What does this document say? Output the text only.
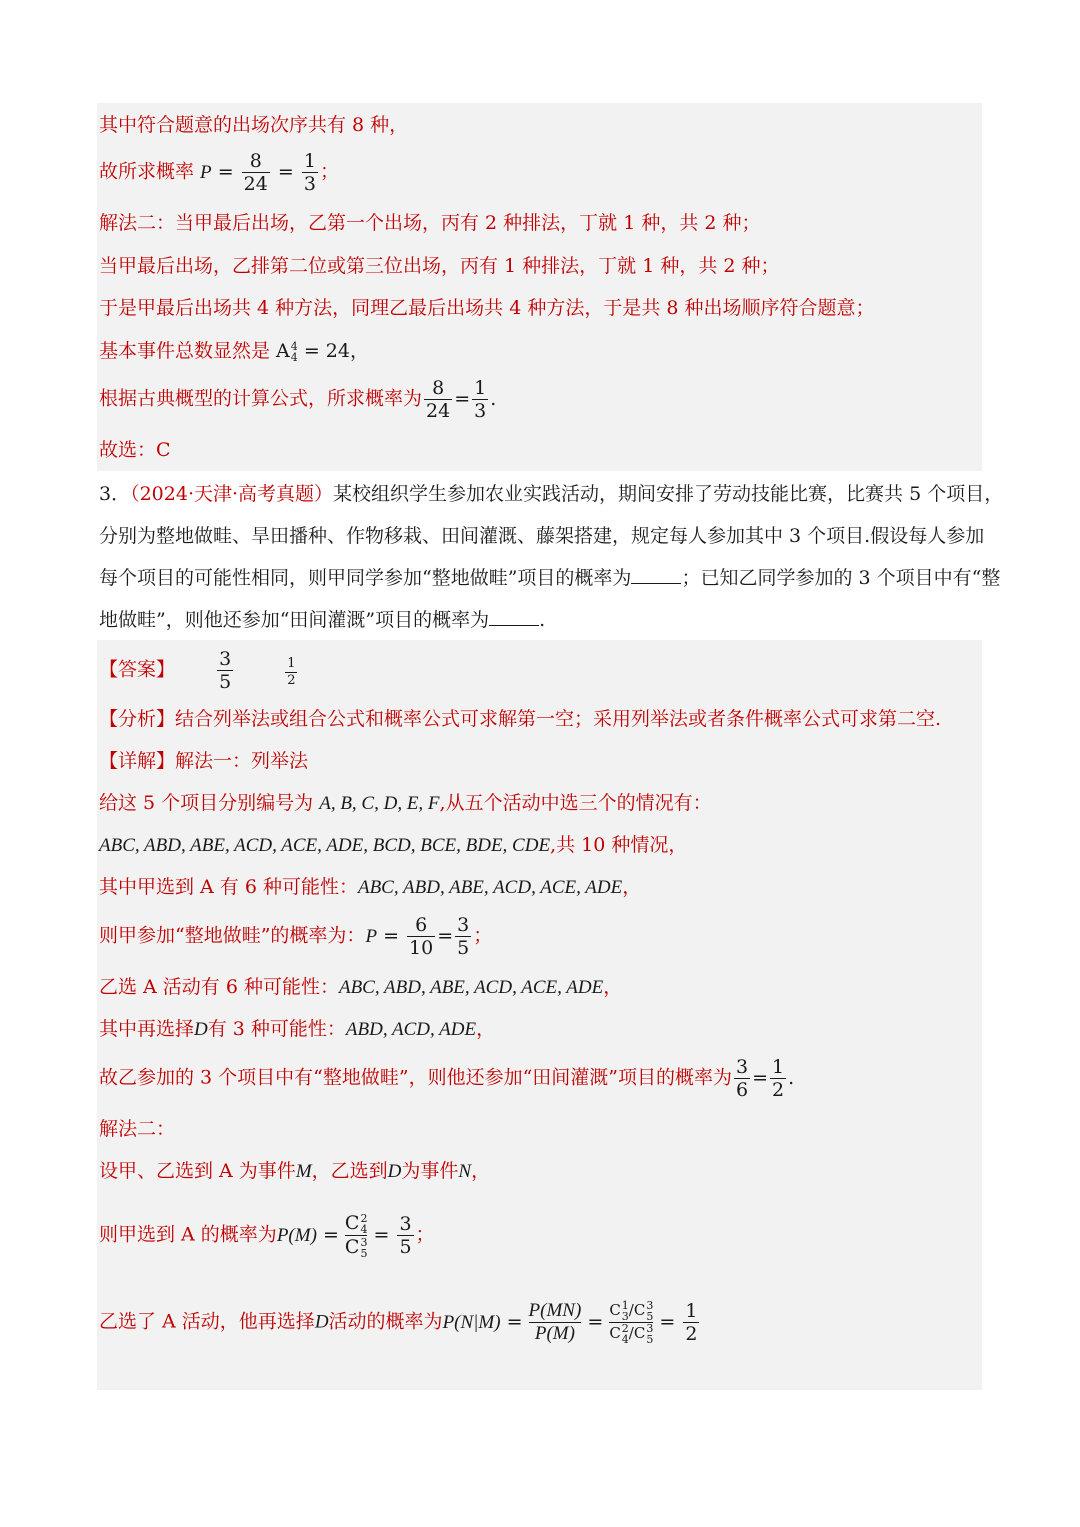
其中符合题意的出场次序共有 8 种，
故所求概率 $P = \frac{8}{24} = \frac{1}{3}$ ；
解法二：当甲最后出场，乙第一个出场，丙有 2 种排法，丁就 1 种，共 2 种；
当甲最后出场，乙排第二位或第三位出场，丙有 1 种排法，丁就 1 种，共 2 种；
于是甲最后出场共 4 种方法，同理乙最后出场共 4 种方法，于是共 8 种出场顺序符合题意；
基本事件总数显然是 A4
4 = 24，
根据古典概型的计算公式，所求概率为 $\frac{8}{24} = \frac{1}{3}$ .
故选：C
3．（2024·天津·高考真题）某校组织学生参加农业实践活动，期间安排了劳动技能比赛，比赛共 5 个项目，
分别为整地做畦、旱田播种、作物移栽、田间灌溉、藤架搭建，规定每人参加其中 3 个项目.假设每人参加
每个项目的可能性相同，则甲同学参加“整地做畦”项目的概率为	；已知乙同学参加的 3 个项目中有“整
地做畦”，则他还参加“田间灌溉”项目的概率为	.
【答案】 $\frac{3}{5}$
	$\frac{1}{2}$
【分析】结合列举法或组合公式和概率公式可求解第一空；采用列举法或者条件概率公式可求第二空.
【详解】解法一：列举法
给这 5 个项目分别编号为 A, B, C, D, E, F,从五个活动中选三个的情况有：
ABC, ABD, ABE, ACD, ACE, ADE, BCD, BCE, BDE, CDE,共 10 种情况，
其中甲选到 A 有 6 种可能性：ABC, ABD, ABE, ACD, ACE, ADE，
则甲参加“整地做畦”的概率为：$P = \frac{6}{10} = \frac{3}{5}$ ；
乙选 A 活动有 6 种可能性：ABC, ABD, ABE, ACD, ACE, ADE，
其中再选择D有 3 种可能性：ABD, ACD, ADE，
故乙参加的 3 个项目中有“整地做畦”，则他还参加“田间灌溉”项目的概率为 $\frac{3}{6} = \frac{1}{2}$ .
解法二：
设甲、乙选到 A 为事件M，乙选到D为事件N，
则甲选到 A 的概率为P(M) =
C2
4
C3
5
= $\frac{3}{5}$ ；
乙选了 A 活动，他再选择D活动的概率为$P(N|M) = \frac{P(MN)}{P(M)}$ =
C1
3/C3
5
C2
4/C3
5
= $\frac{1}{2}$
